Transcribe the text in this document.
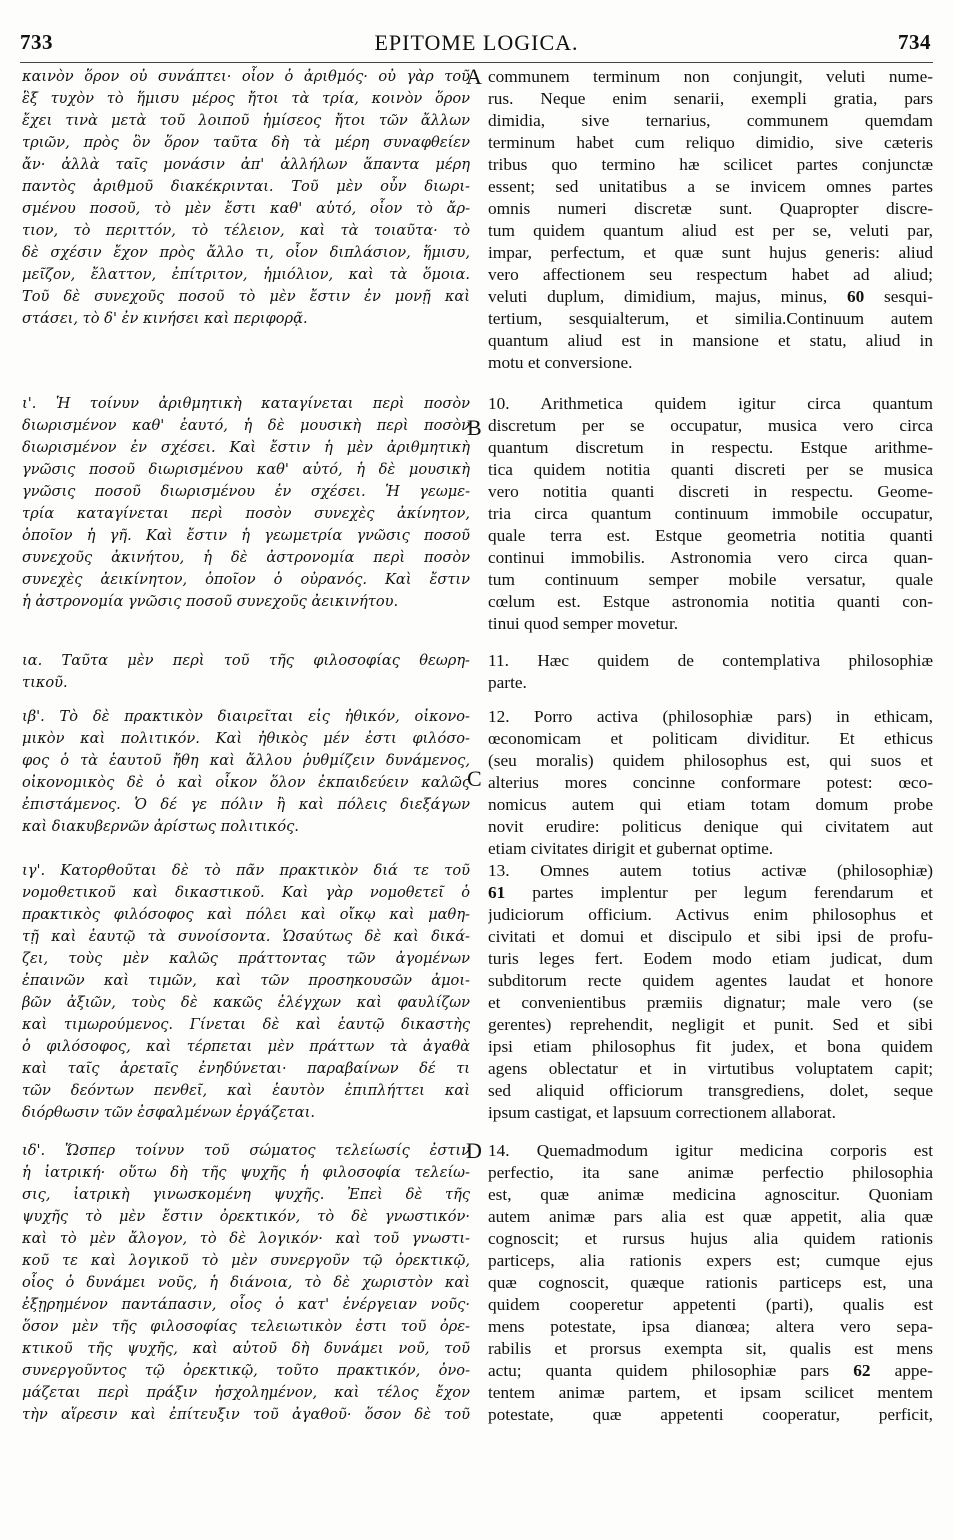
733	EPITOME LOGICA.	734
A
B
C
D
καινὸν ὅρον οὐ συνάπτει· οἷον ὁ ἀριθμός· οὐ γὰρ τοῦ
ἓξ τυχὸν τὸ ἥμισυ μέρος ἤτοι τὰ τρία, κοινὸν ὅρον
ἔχει τινὰ μετὰ τοῦ λοιποῦ ἡμίσεος ἤτοι τῶν ἄλλων
τριῶν, πρὸς ὃν ὅρον ταῦτα δὴ τὰ μέρη συναφθείεν
ἄν· ἀλλὰ ταῖς μονάσιν ἀπ' ἀλλήλων ἅπαντα μέρη
παντὸς ἀριθμοῦ διακέκρινται. Τοῦ μὲν οὖν διωρι-
σμένου ποσοῦ, τὸ μὲν ἔστι καθ' αὑτό, οἷον τὸ ἄρ-
τιον, τὸ περιττόν, τὸ τέλειον, καὶ τὰ τοιαῦτα· τὸ
δὲ σχέσιν ἔχον πρὸς ἄλλο τι, οἷον διπλάσιον, ἥμισυ,
μεῖζον, ἔλαττον, ἐπίτριτον, ἡμιόλιον, καὶ τὰ ὅμοια.
Τοῦ δὲ συνεχοῦς ποσοῦ τὸ μὲν ἔστιν ἐν μονῇ καὶ
στάσει, τὸ δ' ἐν κινήσει καὶ περιφορᾷ.
ι'. Ἡ τοίνυν ἀριθμητικὴ καταγίνεται περὶ ποσὸν
διωρισμένον καθ' ἑαυτό, ἡ δὲ μουσικὴ περὶ ποσὸν
διωρισμένον ἐν σχέσει. Καὶ ἔστιν ἡ μὲν ἀριθμητικὴ
γνῶσις ποσοῦ διωρισμένου καθ' αὑτό, ἡ δὲ μουσικὴ
γνῶσις ποσοῦ διωρισμένου ἐν σχέσει. Ἡ γεωμε-
τρία καταγίνεται περὶ ποσὸν συνεχὲς ἀκίνητον,
ὁποῖον ἡ γῆ. Καὶ ἔστιν ἡ γεωμετρία γνῶσις ποσοῦ
συνεχοῦς ἀκινήτου, ἡ δὲ ἀστρονομία περὶ ποσὸν
συνεχὲς ἀεικίνητον, ὁποῖον ὁ οὐρανός. Καὶ ἔστιν
ἡ ἀστρονομία γνῶσις ποσοῦ συνεχοῦς ἀεικινήτου.
ια. Ταῦτα μὲν περὶ τοῦ τῆς φιλοσοφίας θεωρη-
τικοῦ.
ιβ'. Τὸ δὲ πρακτικὸν διαιρεῖται εἰς ἠθικόν, οἰκονο-
μικὸν καὶ πολιτικόν. Καὶ ἠθικὸς μέν ἐστι φιλόσο-
φος ὁ τὰ ἑαυτοῦ ἤθη καὶ ἄλλου ῥυθμίζειν δυνάμενος,
οἰκονομικὸς δὲ ὁ καὶ οἶκον ὅλον ἐκπαιδεύειν καλῶς
ἐπιστάμενος. Ὁ δέ γε πόλιν ἢ καὶ πόλεις διεξάγων
καὶ διακυβερνῶν ἀρίστως πολιτικός.
ιγ'. Κατορθοῦται δὲ τὸ πᾶν πρακτικὸν διά τε τοῦ
νομοθετικοῦ καὶ δικαστικοῦ. Καὶ γὰρ νομοθετεῖ ὁ
πρακτικὸς φιλόσοφος καὶ πόλει καὶ οἴκῳ καὶ μαθη-
τῇ καὶ ἑαυτῷ τὰ συνοίσοντα. Ὡσαύτως δὲ καὶ δικά-
ζει, τοὺς μὲν καλῶς πράττοντας τῶν ἀγομένων
ἐπαινῶν καὶ τιμῶν, καὶ τῶν προσηκουσῶν ἀμοι-
βῶν ἀξιῶν, τοὺς δὲ κακῶς ἐλέγχων καὶ φαυλίζων
καὶ τιμωρούμενος. Γίνεται δὲ καὶ ἑαυτῷ δικαστὴς
ὁ φιλόσοφος, καὶ τέρπεται μὲν πράττων τὰ ἀγαθὰ
καὶ ταῖς ἀρεταῖς ἐνηδύνεται· παραβαίνων δέ τι
τῶν δεόντων πενθεῖ, καὶ ἑαυτὸν ἐπιπλήττει καὶ
διόρθωσιν τῶν ἐσφαλμένων ἐργάζεται.
ιδ'. Ὥσπερ τοίνυν τοῦ σώματος τελείωσίς ἐστιν
ἡ ἰατρική· οὕτω δὴ τῆς ψυχῆς ἡ φιλοσοφία τελείω-
σις, ἰατρικὴ γινωσκομένη ψυχῆς. Ἐπεὶ δὲ τῆς
ψυχῆς τὸ μὲν ἔστιν ὀρεκτικόν, τὸ δὲ γνωστικόν·
καὶ τὸ μὲν ἄλογον, τὸ δὲ λογικόν· καὶ τοῦ γνωστι-
κοῦ τε καὶ λογικοῦ τὸ μὲν συνεργοῦν τῷ ὀρεκτικῷ,
οἷος ὁ δυνάμει νοῦς, ἡ διάνοια, τὸ δὲ χωριστὸν καὶ
ἐξῃρημένον παντάπασιν, οἷος ὁ κατ' ἐνέργειαν νοῦς·
ὅσον μὲν τῆς φιλοσοφίας τελειωτικὸν ἐστι τοῦ ὀρε-
κτικοῦ τῆς ψυχῆς, καὶ αὐτοῦ δὴ δυνάμει νοῦ, τοῦ
συνεργοῦντος τῷ ὀρεκτικῷ, τοῦτο πρακτικόν, ὀνο-
μάζεται περὶ πράξιν ἠσχολημένον, καὶ τέλος ἔχον
τὴν αἵρεσιν καὶ ἐπίτευξιν τοῦ ἀγαθοῦ· ὅσον δὲ τοῦ
communem terminum non conjungit, veluti nume-
rus. Neque enim senarii, exempli gratia, pars
dimidia, sive ternarius, communem quemdam
terminum habet cum reliquo dimidio, sive cæteris
tribus quo termino hæ scilicet partes conjunctæ
essent; sed unitatibus a se invicem omnes partes
omnis numeri discretæ sunt. Quapropter discre-
tum quidem quantum aliud est per se, veluti par,
impar, perfectum, et quæ sunt hujus generis: aliud
vero affectionem seu respectum habet ad aliud;
veluti duplum, dimidium, majus, minus, 60 sesqui-
tertium, sesquialterum, et similia.Continuum autem
quantum aliud est in mansione et statu, aliud in
motu et conversione.
10. Arithmetica quidem igitur circa quantum
discretum per se occupatur, musica vero circa
quantum discretum in respectu. Estque arithme-
tica quidem notitia quanti discreti per se musica
vero notitia quanti discreti in respectu. Geome-
tria circa quantum continuum immobile occupatur,
quale terra est. Estque geometria notitia quanti
continui immobilis. Astronomia vero circa quan-
tum continuum semper mobile versatur, quale
cœlum est. Estque astronomia notitia quanti con-
tinui quod semper movetur.
11. Hæc quidem de contemplativa philosophiæ
parte.
12. Porro activa (philosophiæ pars) in ethicam,
œconomicam et politicam dividitur. Et ethicus
(seu moralis) quidem philosophus est, qui suos et
alterius mores concinne conformare potest: œco-
nomicus autem qui etiam totam domum probe
novit erudire: politicus denique qui civitatem aut
etiam civitates dirigit et gubernat optime.
13. Omnes autem totius activæ (philosophiæ)
61 partes implentur per legum ferendarum et
judiciorum officium. Activus enim philosophus et
civitati et domui et discipulo et sibi ipsi de profu-
turis leges fert. Eodem modo etiam judicat, dum
subditorum recte quidem agentes laudat et honore
et convenientibus præmiis dignatur; male vero (se
gerentes) reprehendit, negligit et punit. Sed et sibi
ipsi etiam philosophus fit judex, et bona quidem
agens oblectatur et in virtutibus voluptatem capit;
sed aliquid officiorum transgrediens, dolet, seque
ipsum castigat, et lapsuum correctionem allaborat.
14. Quemadmodum igitur medicina corporis est
perfectio, ita sane animæ perfectio philosophia
est, quæ animæ medicina agnoscitur. Quoniam
autem animæ pars alia est quæ appetit, alia quæ
cognoscit; et rursus hujus alia quidem rationis
particeps, alia rationis expers est; cumque ejus
quæ cognoscit, quæque rationis particeps est, una
quidem cooperetur appetenti (parti), qualis est
mens potestate, ipsa dianœa; altera vero sepa-
rabilis et prorsus exempta sit, qualis est mens
actu; quanta quidem philosophiæ pars 62 appe-
tentem animæ partem, et ipsam scilicet mentem
potestate, quæ appetenti cooperatur, perficit,
